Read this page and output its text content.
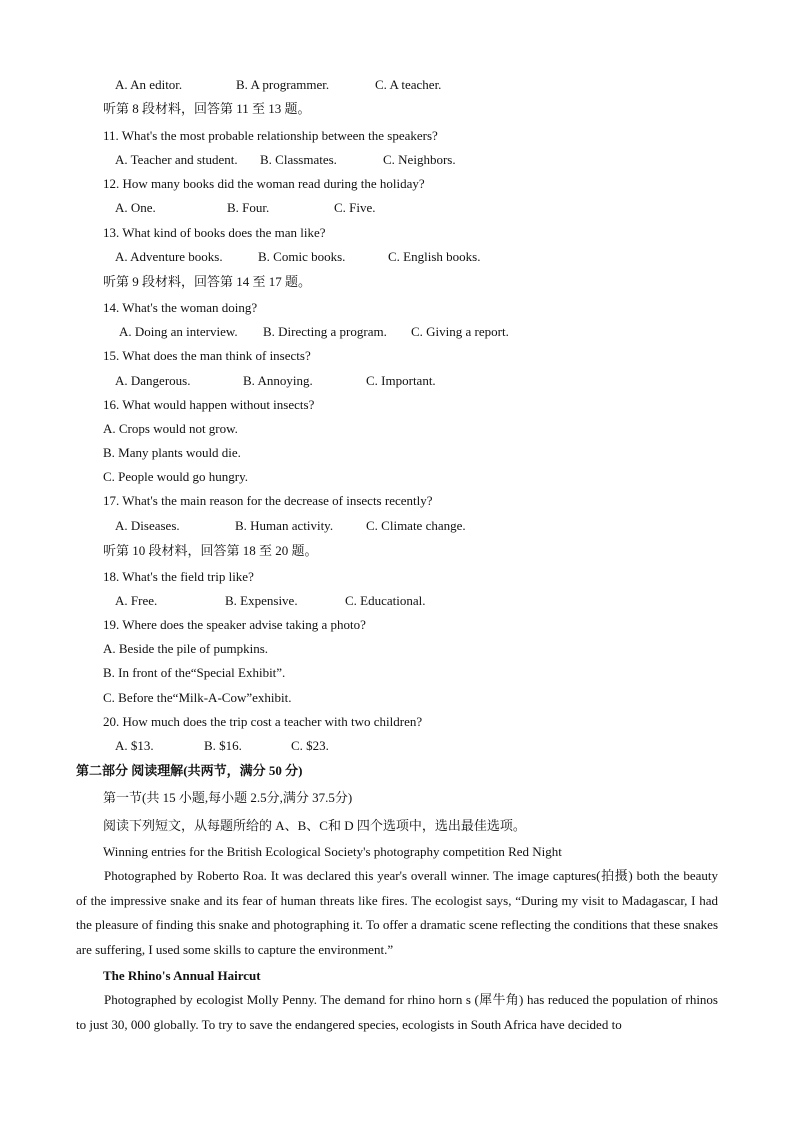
A. An editor.	B. A programmer.	C. A teacher.
听第 8 段材料，回答第 11 至 13 题。
11. What's the most probable relationship between the speakers?
A. Teacher and student. B. Classmates.	C. Neighbors.
12. How many books did the woman read during the holiday?
A. One.	B. Four.	C. Five.
13. What kind of books does the man like?
A. Adventure books.	B. Comic books.	C. English books.
听第 9 段材料，回答第 14 至 17 题。
14. What's the woman doing?
A. Doing an interview. B. Directing a program. C. Giving a report.
15. What does the man think of insects?
A. Dangerous.	B. Annoying.	C. Important.
16. What would happen without insects?
A. Crops would not grow.
B. Many plants would die.
C. People would go hungry.
17. What's the main reason for the decrease of insects recently?
A. Diseases.	B. Human activity.	C. Climate change.
听第 10 段材料，回答第 18 至 20 题。
18. What's the field trip like?
A. Free.	B. Expensive.	C. Educational.
19. Where does the speaker advise taking a photo?
A. Beside the pile of pumpkins.
B. In front of the“Special Exhibit”.
C. Before the“Milk-A-Cow”exhibit.
20. How much does the trip cost a teacher with two children?
A. $13.	B. $16.	C. $23.
第二部分 阅读理解(共两节，满分 50 分)
第一节(共 15 小题,每小题 2.5分,满分 37.5分)
阅读下列短文，从每题所给的 A、B、C和 D 四个选项中，选出最佳选项。
Winning entries for the British Ecological Society's photography competition Red Night
Photographed by Roberto Roa. It was declared this year's overall winner. The image captures(拍摄) both the beauty of the impressive snake and its fear of human threats like fires. The ecologist says, “During my visit to Madagascar, I had the pleasure of finding this snake and photographing it. To offer a dramatic scene reflecting the conditions that these snakes are suffering, I used some skills to capture the environment.”
The Rhino's Annual Haircut
Photographed by ecologist Molly Penny. The demand for rhino horn s (犀牛角) has reduced the population of rhinos to just 30, 000 globally. To try to save the endangered species, ecologists in South Africa have decided to
